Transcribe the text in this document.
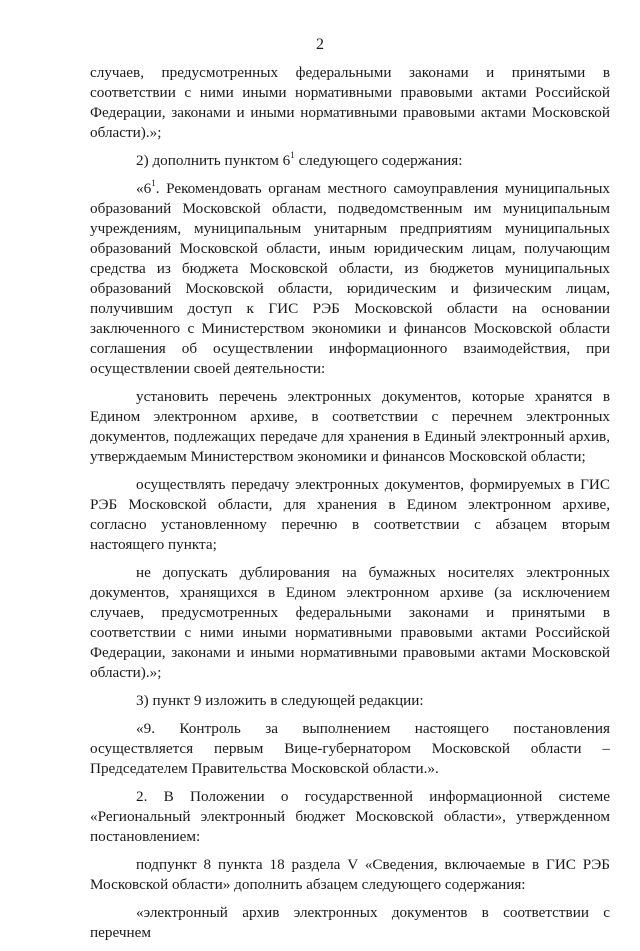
2

случаев, предусмотренных федеральными законами и принятыми в соответствии с ними иными нормативными правовыми актами Российской Федерации, законами и иными нормативными правовыми актами Московской области).»;

2) дополнить пунктом $6^1$ следующего содержания:

«$6^1$. Рекомендовать органам местного самоуправления муниципальных образований Московской области, подведомственным им муниципальным учреждениям, муниципальным унитарным предприятиям муниципальных образований Московской области, иным юридическим лицам, получающим средства из бюджета Московской области, из бюджетов муниципальных образований Московской области, юридическим и физическим лицам, получившим доступ к ГИС РЭБ Московской области на основании заключенного с Министерством экономики и финансов Московской области соглашения об осуществлении информационного взаимодействия, при осуществлении своей деятельности:

установить перечень электронных документов, которые хранятся в Едином электронном архиве, в соответствии с перечнем электронных документов, подлежащих передаче для хранения в Единый электронный архив, утверждаемым Министерством экономики и финансов Московской области;

осуществлять передачу электронных документов, формируемых в ГИС РЭБ Московской области, для хранения в Едином электронном архиве, согласно установленному перечню в соответствии с абзацем вторым настоящего пункта;

не допускать дублирования на бумажных носителях электронных документов, хранящихся в Едином электронном архиве (за исключением случаев, предусмотренных федеральными законами и принятыми в соответствии с ними иными нормативными правовыми актами Российской Федерации, законами и иными нормативными правовыми актами Московской области).»;

3) пункт 9 изложить в следующей редакции:

«9. Контроль за выполнением настоящего постановления осуществляется первым Вице-губернатором Московской области – Председателем Правительства Московской области.».

2. В Положении о государственной информационной системе «Региональный электронный бюджет Московской области», утвержденном постановлением:

подпункт 8 пункта 18 раздела V «Сведения, включаемые в ГИС РЭБ Московской области» дополнить абзацем следующего содержания:

«электронный архив электронных документов в соответствии с перечнем
